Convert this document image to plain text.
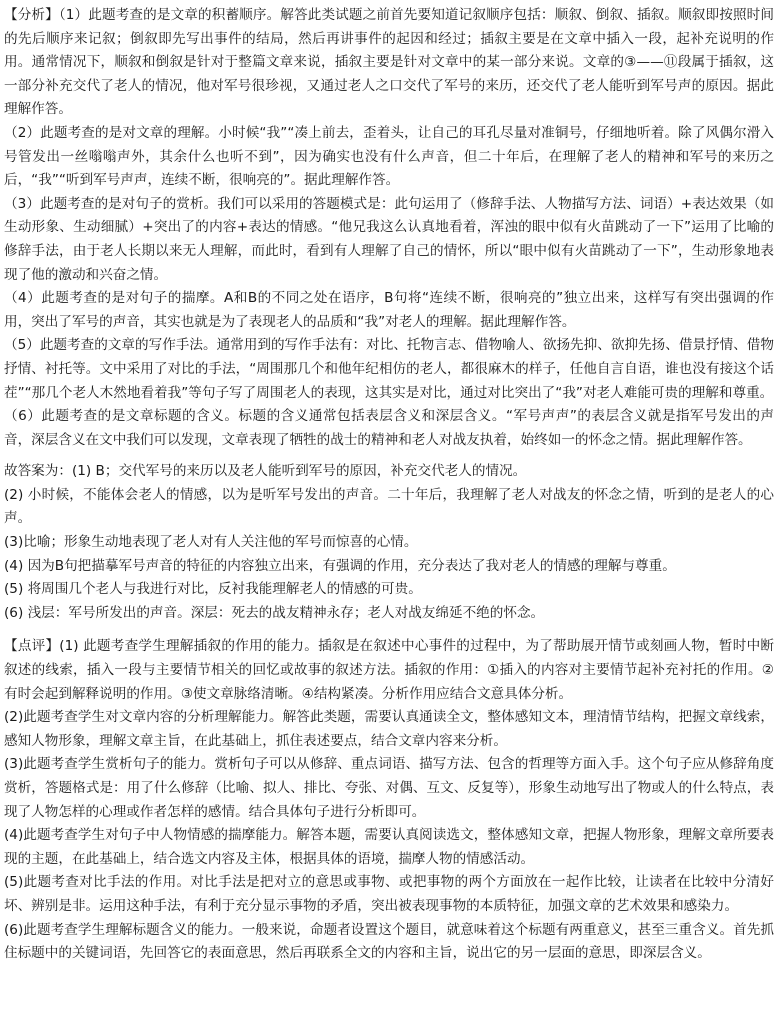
【分析】（1）此题考查的是文章的积蓄顺序。解答此类试题之前首先要知道记叙顺序包括：顺叙、倒叙、插叙。顺叙即按照时间的先后顺序来记叙；倒叙即先写出事件的结局，然后再讲事件的起因和经过；插叙主要是在文章中插入一段，起补充说明的作用。通常情况下，顺叙和倒叙是针对于整篇文章来说，插叙主要是针对文章中的某一部分来说。文章的③——⑪段属于插叙，这一部分补充交代了老人的情况，他对军号很珍视，又通过老人之口交代了军号的来历，还交代了老人能听到军号声的原因。据此理解作答。

（2）此题考查的是对文章的理解。小时候“我”“凑上前去，歪着头，让自己的耳孔尽量对准铜号，仔细地听着。除了风偶尔滑入号管发出一丝嗡嗡声外，其余什么也听不到”，因为确实也没有什么声音，但二十年后，在理解了老人的精神和军号的来历之后，“我”“听到军号声声，连续不断，很响亮的”。据此理解作答。

（3）此题考查的是对句子的赏析。我们可以采用的答题模式是：此句运用了（修辞手法、人物描写方法、词语）+表达效果（如生动形象、生动细腻）+突出了的内容+表达的情感。“他兄我这么认真地看着，浑浊的眼中似有火苗跳动了一下”运用了比喻的修辞手法，由于老人长期以来无人理解，而此时，看到有人理解了自己的情怀，所以“眼中似有火苗跳动了一下”，生动形象地表现了他的激动和兴奋之情。

（4）此题考查的是对句子的揣摩。A和B的不同之处在语序，B句将“连续不断，很响亮的”独立出来，这样写有突出强调的作用，突出了军号的声音，其实也就是为了表现老人的品质和“我”对老人的理解。据此理解作答。

（5）此题考查的文章的写作手法。通常用到的写作手法有：对比、托物言志、借物喻人、欲扬先抑、欲抑先扬、借景抒情、借物抒情、衬托等。文中采用了对比的手法，“周围那几个和他年纪相仿的老人，都很麻木的样子，任他自言自语，谁也没有接这个话茬”“那几个老人木然地看着我”等句子写了周围老人的表现，这其实是对比，通过对比突出了“我”对老人难能可贵的理解和尊重。

（6）此题考查的是文章标题的含义。标题的含义通常包括表层含义和深层含义。“军号声声”的表层含义就是指军号发出的声音，深层含义在文中我们可以发现，文章表现了牺牲的战士的精神和老人对战友执着，始终如一的怀念之情。据此理解作答。

故答案为：(1) B；交代军号的来历以及老人能听到军号的原因，补充交代老人的情况。

(2) 小时候，不能体会老人的情感，以为是听军号发出的声音。二十年后，我理解了老人对战友的怀念之情，听到的是老人的心声。

(3)比喻；形象生动地表现了老人对有人关注他的军号而惊喜的心情。

(4) 因为B句把描摹军号声音的特征的内容独立出来，有强调的作用，充分表达了我对老人的情感的理解与尊重。

(5) 将周围几个老人与我进行对比，反衬我能理解老人的情感的可贵。

(6) 浅层：军号所发出的声音。深层：死去的战友精神永存；老人对战友绵延不绝的怀念。

【点评】(1) 此题考查学生理解插叙的作用的能力。插叙是在叙述中心事件的过程中，为了帮助展开情节或刻画人物，暂时中断叙述的线索，插入一段与主要情节相关的回忆或故事的叙述方法。插叙的作用：①插入的内容对主要情节起补充衬托的作用。②有时会起到解释说明的作用。③使文章脉络清晰。④结构紧凑。分析作用应结合文意具体分析。

(2)此题考查学生对文章内容的分析理解能力。解答此类题，需要认真通读全文，整体感知文本，理清情节结构，把握文章线索，感知人物形象，理解文章主旨，在此基础上，抓住表述要点，结合文章内容来分析。

(3)此题考查学生赏析句子的能力。赏析句子可以从修辞、重点词语、描写方法、包含的哲理等方面入手。这个句子应从修辞角度赏析，答题格式是：用了什么修辞（比喻、拟人、排比、夸张、对偶、互文、反复等），形象生动地写出了物或人的什么特点，表现了人物怎样的心理或作者怎样的感情。结合具体句子进行分析即可。

(4)此题考查学生对句子中人物情感的揣摩能力。解答本题，需要认真阅读选文，整体感知文章，把握人物形象，理解文章所要表现的主题，在此基础上，结合选文内容及主体，根据具体的语境，揣摩人物的情感活动。

(5)此题考查对比手法的作用。对比手法是把对立的意思或事物、或把事物的两个方面放在一起作比较，让读者在比较中分清好坏、辨别是非。运用这种手法，有利于充分显示事物的矛盾，突出被表现事物的本质特征，加强文章的艺术效果和感染力。

(6)此题考查学生理解标题含义的能力。一般来说，命题者设置这个题目，就意味着这个标题有两重意义，甚至三重含义。首先抓住标题中的关键词语，先回答它的表面意思，然后再联系全文的内容和主旨，说出它的另一层面的意思，即深层含义。
